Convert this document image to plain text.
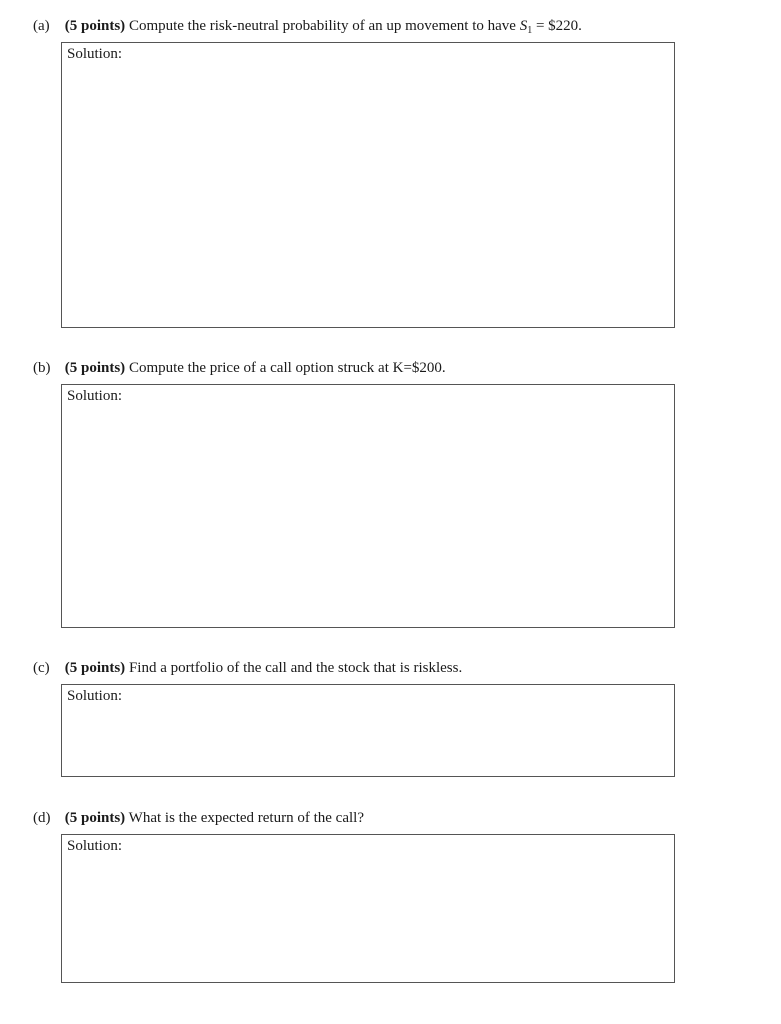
(a) (5 points) Compute the risk-neutral probability of an up movement to have $S_1$ = $220.
Solution:
(b) (5 points) Compute the price of a call option struck at K=$200.
Solution:
(c) (5 points) Find a portfolio of the call and the stock that is riskless.
Solution:
(d) (5 points) What is the expected return of the call?
Solution:
